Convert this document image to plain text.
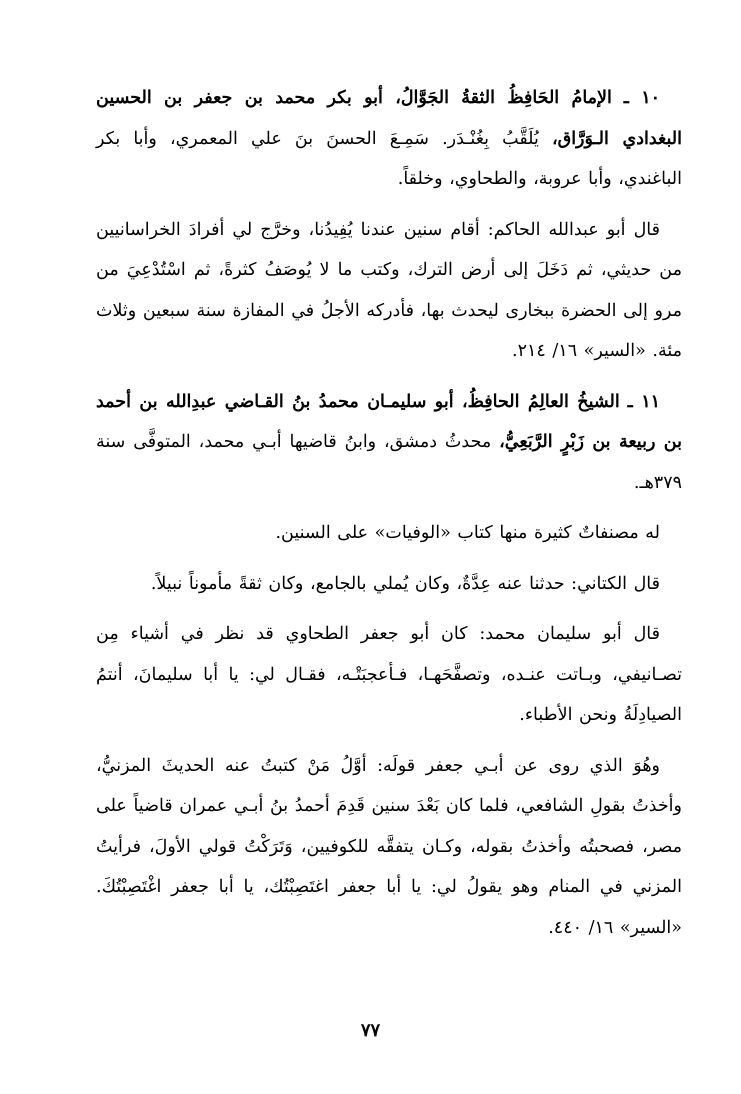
١٠ ـ الإمامُ الحَافِظُ الثقةُ الجَوَّالُ، أبو بكر محمد بن جعفر بن الحسين البغدادي الـوَرَّاق، يُلَقَّبُ بِغُنْـدَر. سَمِـعَ الحسنَ بنَ علي المعمري، وأبا بكر الباغندي، وأبا عروبة، والطحاوي، وخلقاً.

قال أبو عبدالله الحاكم: أقام سنين عندنا يُفِيدُنا، وخرَّج لي أفرادَ الخراسانيين من حديثي، ثم دَخَلَ إلى أرض الترك، وكتب ما لا يُوصَفُ كثرةً، ثم اسْتُدْعِيَ من مرو إلى الحضرة ببخارى ليحدث بها، فأدركه الأجلُ في المفازة سنة سبعين وثلاث مئة. «السير» ١٦/ ٢١٤.

١١ ـ الشيخُ العالِمُ الحافِظُ، أبو سليمـان محمدُ بنُ القـاضي عبدِالله بن أحمد بن ربيعة بن زَبْرٍ الرَّبَعِيُّ، محدثُ دمشق، وابنُ قاضيها أبـي محمد، المتوفَّى سنة ٣٧٩هـ.

له مصنفاتٌ كثيرة منها كتاب «الوفيات» على السنين.

قال الكتاني: حدثنا عنه عِدَّةٌ، وكان يُملي بالجامع، وكان ثقةً مأموناً نبيلاً.

قال أبو سليمان محمد: كان أبو جعفر الطحاوي قد نظر في أشياء مِن تصـانيفي، وبـاتت عنـده، وتصفَّحَهـا، فـأعجبَتْـه، فقـال لي: يا أبا سليمانَ، أنتمُ الصيادِلَةُ ونحن الأطباء.

وهُوَ الذي روى عن أبـي جعفر قولَه: أوَّلُ مَنْ كتبتُ عنه الحديثَ المزنيُّ، وأخذتُ بقولِ الشافعي، فلما كان بَعْدَ سنين قَدِمَ أحمدُ بنُ أبـي عمران قاضياً على مصر، فصحبتُه وأخذتُ بقوله، وكـان يتفقَّه للكوفيين، وَتَرَكْتُ قولي الأولَ، فرأيتُ المزني في المنام وهو يقولُ لي: يا أبا جعفر اغتَصِبْتُك، يا أبا جعفر اغْتَصِبْتُكَ. «السير» ١٦/ ٤٤٠.

٧٧
